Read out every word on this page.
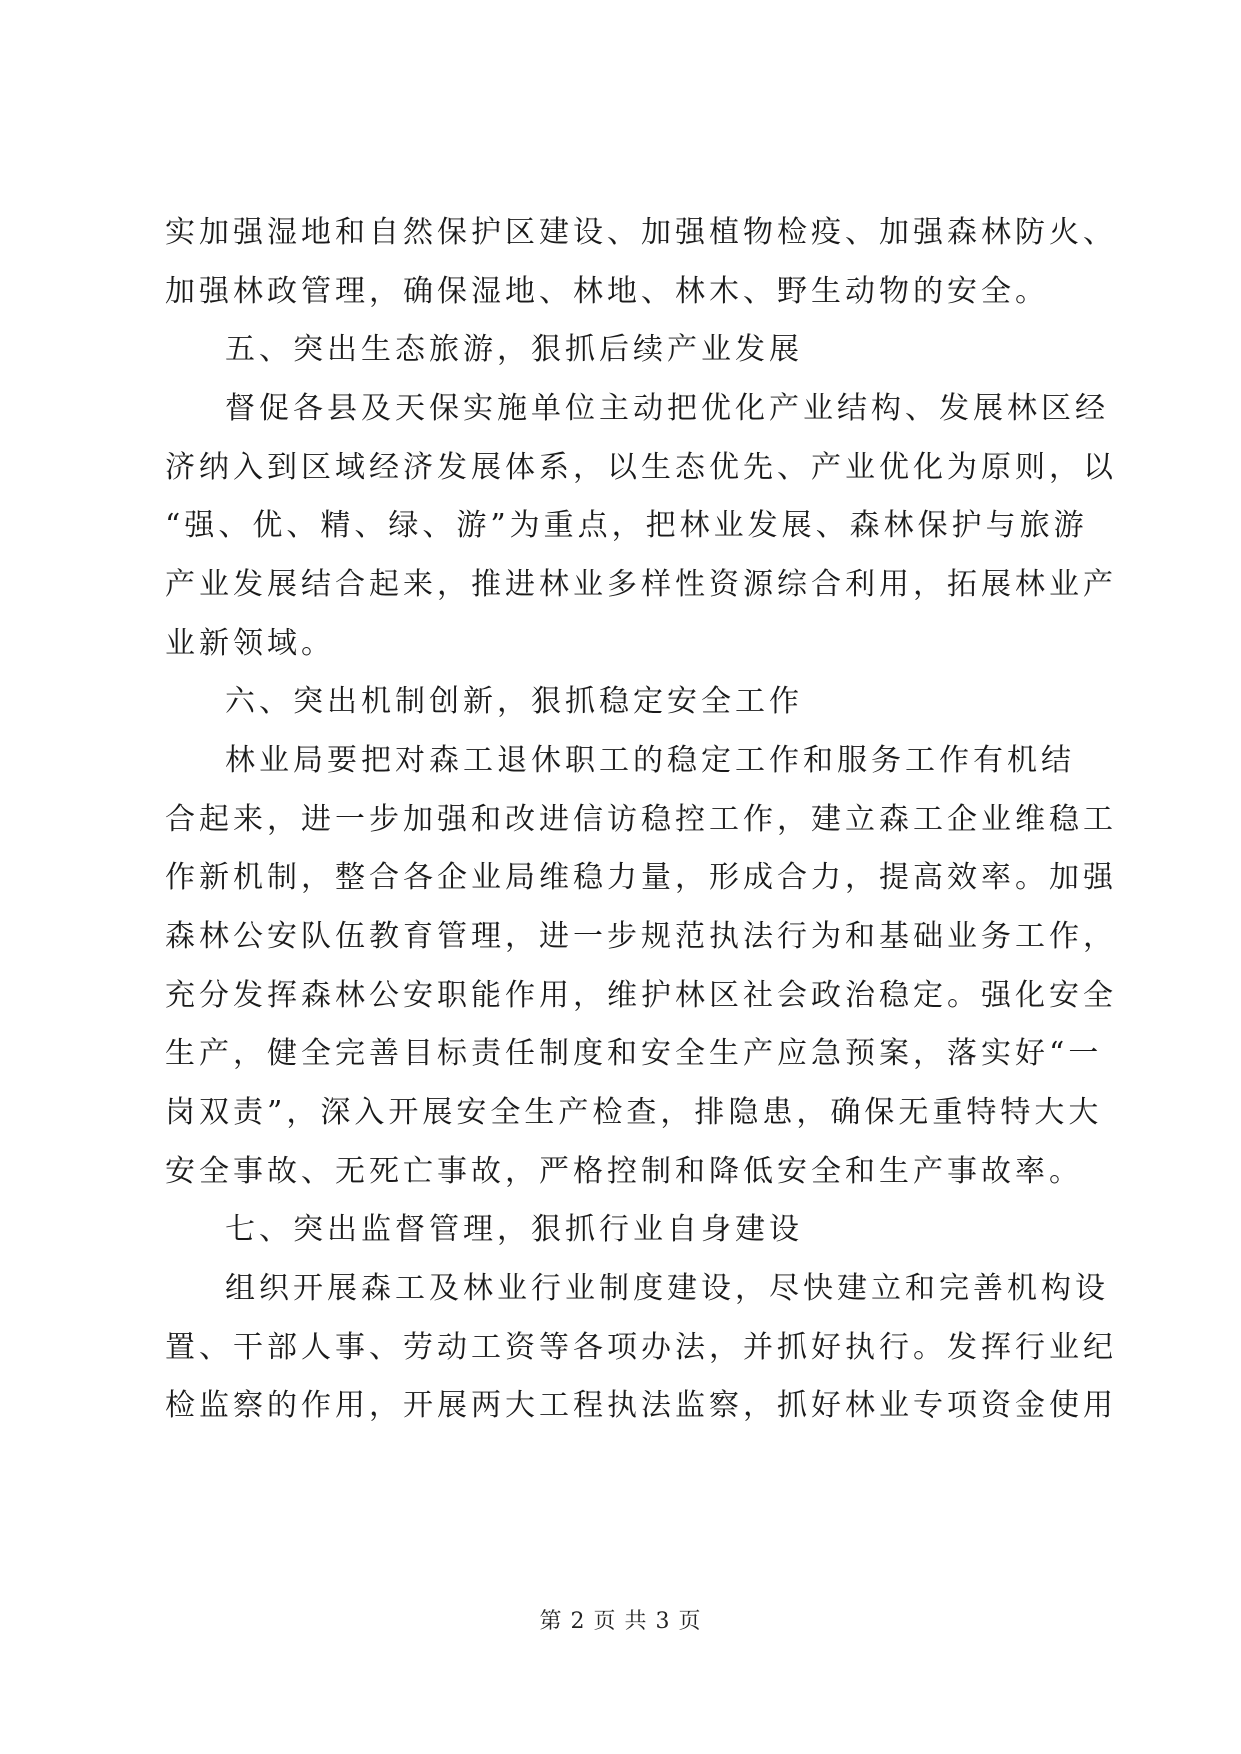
实加强湿地和自然保护区建设、加强植物检疫、加强森林防火、
加强林政管理，确保湿地、林地、林木、野生动物的安全。
五、突出生态旅游，狠抓后续产业发展
督促各县及天保实施单位主动把优化产业结构、发展林区经
济纳入到区域经济发展体系，以生态优先、产业优化为原则，以
“强、优、精、绿、游”为重点，把林业发展、森林保护与旅游
产业发展结合起来，推进林业多样性资源综合利用，拓展林业产
业新领域。
六、突出机制创新，狠抓稳定安全工作
林业局要把对森工退休职工的稳定工作和服务工作有机结
合起来，进一步加强和改进信访稳控工作，建立森工企业维稳工
作新机制，整合各企业局维稳力量，形成合力，提高效率。加强
森林公安队伍教育管理，进一步规范执法行为和基础业务工作，
充分发挥森林公安职能作用，维护林区社会政治稳定。强化安全
生产，健全完善目标责任制度和安全生产应急预案，落实好“一
岗双责”，深入开展安全生产检查，排隐患，确保无重特特大大
安全事故、无死亡事故，严格控制和降低安全和生产事故率。
七、突出监督管理，狠抓行业自身建设
组织开展森工及林业行业制度建设，尽快建立和完善机构设
置、干部人事、劳动工资等各项办法，并抓好执行。发挥行业纪
检监察的作用，开展两大工程执法监察，抓好林业专项资金使用
第 2 页 共 3 页
